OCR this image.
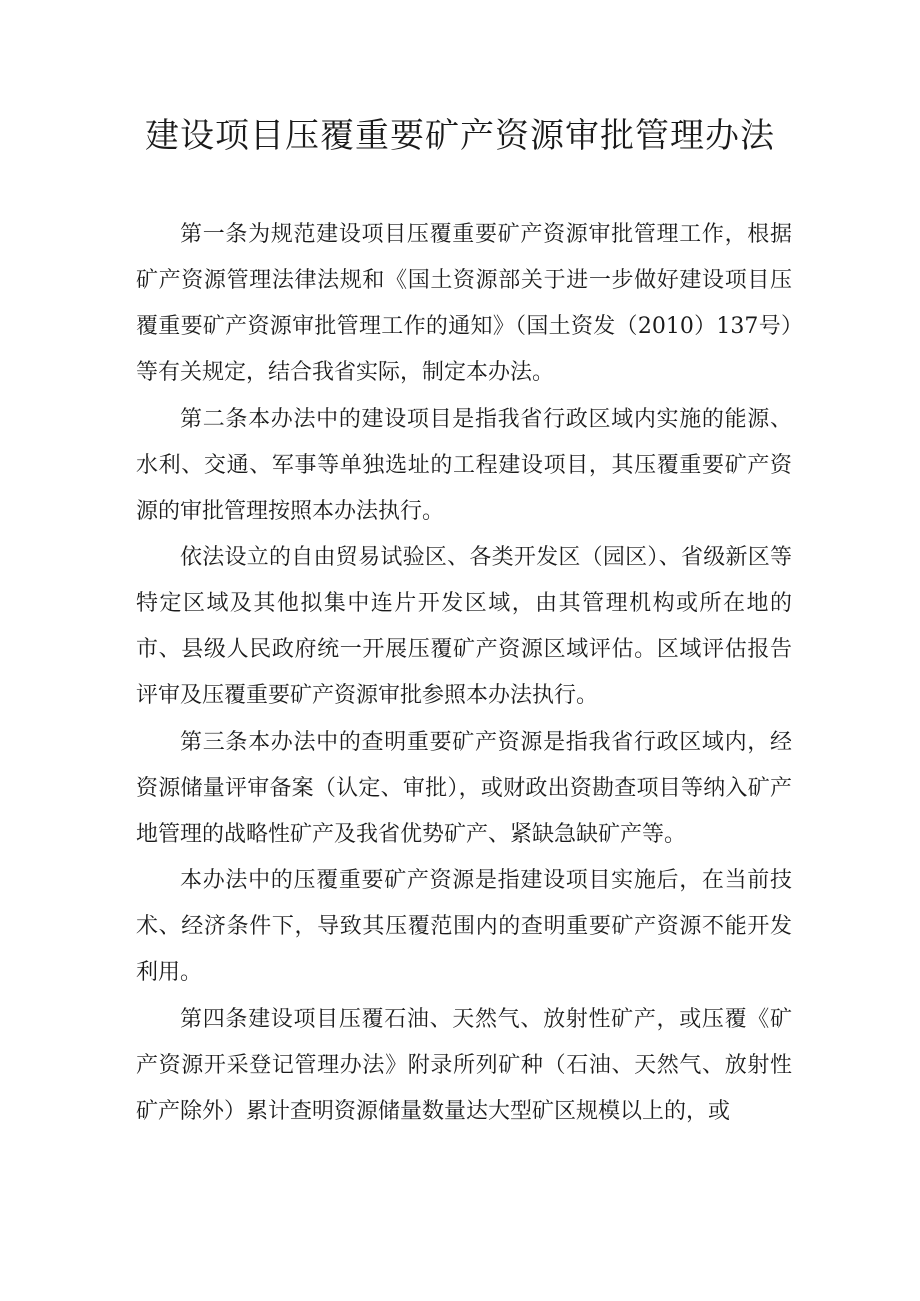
建设项目压覆重要矿产资源审批管理办法

第一条为规范建设项目压覆重要矿产资源审批管理工作，根据矿产资源管理法律法规和《国土资源部关于进一步做好建设项目压覆重要矿产资源审批管理工作的通知》（国土资发（2010）137号）等有关规定，结合我省实际，制定本办法。

第二条本办法中的建设项目是指我省行政区域内实施的能源、水利、交通、军事等单独选址的工程建设项目，其压覆重要矿产资源的审批管理按照本办法执行。

依法设立的自由贸易试验区、各类开发区（园区）、省级新区等特定区域及其他拟集中连片开发区域，由其管理机构或所在地的市、县级人民政府统一开展压覆矿产资源区域评估。区域评估报告评审及压覆重要矿产资源审批参照本办法执行。

第三条本办法中的查明重要矿产资源是指我省行政区域内，经资源储量评审备案（认定、审批），或财政出资勘查项目等纳入矿产地管理的战略性矿产及我省优势矿产、紧缺急缺矿产等。

本办法中的压覆重要矿产资源是指建设项目实施后，在当前技术、经济条件下，导致其压覆范围内的查明重要矿产资源不能开发利用。

第四条建设项目压覆石油、天然气、放射性矿产，或压覆《矿产资源开采登记管理办法》附录所列矿种（石油、天然气、放射性矿产除外）累计查明资源储量数量达大型矿区规模以上的，或
